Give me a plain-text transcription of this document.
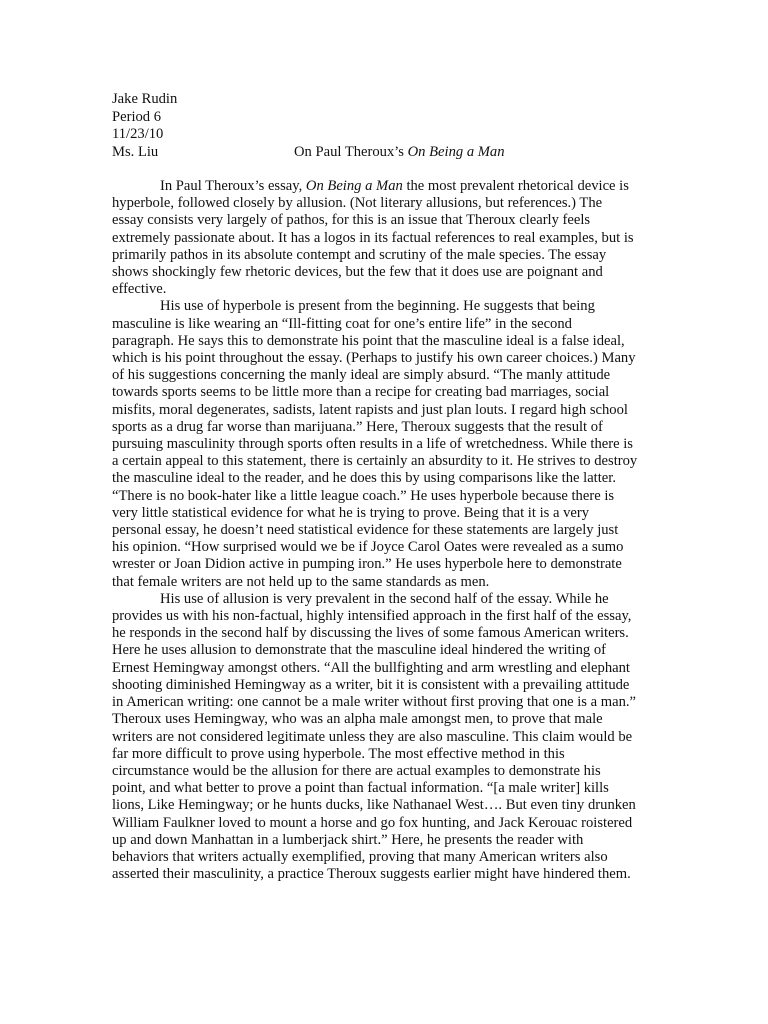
Jake Rudin
Period 6
11/23/10
Ms. Liu	On Paul Theroux’s On Being a Man
In Paul Theroux’s essay, On Being a Man the most prevalent rhetorical device is
hyperbole, followed closely by allusion. (Not literary allusions, but references.) The
essay consists very largely of pathos, for this is an issue that Theroux clearly feels
extremely passionate about. It has a logos in its factual references to real examples, but is
primarily pathos in its absolute contempt and scrutiny of the male species. The essay
shows shockingly few rhetoric devices, but the few that it does use are poignant and
effective.
His use of hyperbole is present from the beginning. He suggests that being
masculine is like wearing an “Ill-fitting coat for one’s entire life” in the second
paragraph. He says this to demonstrate his point that the masculine ideal is a false ideal,
which is his point throughout the essay. (Perhaps to justify his own career choices.) Many
of his suggestions concerning the manly ideal are simply absurd. “The manly attitude
towards sports seems to be little more than a recipe for creating bad marriages, social
misfits, moral degenerates, sadists, latent rapists and just plan louts. I regard high school
sports as a drug far worse than marijuana.” Here, Theroux suggests that the result of
pursuing masculinity through sports often results in a life of wretchedness. While there is
a certain appeal to this statement, there is certainly an absurdity to it. He strives to destroy
the masculine ideal to the reader, and he does this by using comparisons like the latter.
“There is no book-hater like a little league coach.” He uses hyperbole because there is
very little statistical evidence for what he is trying to prove. Being that it is a very
personal essay, he doesn’t need statistical evidence for these statements are largely just
his opinion. “How surprised would we be if Joyce Carol Oates were revealed as a sumo
wrester or Joan Didion active in pumping iron.” He uses hyperbole here to demonstrate
that female writers are not held up to the same standards as men.
His use of allusion is very prevalent in the second half of the essay. While he
provides us with his non-factual, highly intensified approach in the first half of the essay,
he responds in the second half by discussing the lives of some famous American writers.
Here he uses allusion to demonstrate that the masculine ideal hindered the writing of
Ernest Hemingway amongst others. “All the bullfighting and arm wrestling and elephant
shooting diminished Hemingway as a writer, bit it is consistent with a prevailing attitude
in American writing: one cannot be a male writer without first proving that one is a man.”
Theroux uses Hemingway, who was an alpha male amongst men, to prove that male
writers are not considered legitimate unless they are also masculine. This claim would be
far more difficult to prove using hyperbole. The most effective method in this
circumstance would be the allusion for there are actual examples to demonstrate his
point, and what better to prove a point than factual information. “[a male writer] kills
lions, Like Hemingway; or he hunts ducks, like Nathanael West…. But even tiny drunken
William Faulkner loved to mount a horse and go fox hunting, and Jack Kerouac roistered
up and down Manhattan in a lumberjack shirt.” Here, he presents the reader with
behaviors that writers actually exemplified, proving that many American writers also
asserted their masculinity, a practice Theroux suggests earlier might have hindered them.
